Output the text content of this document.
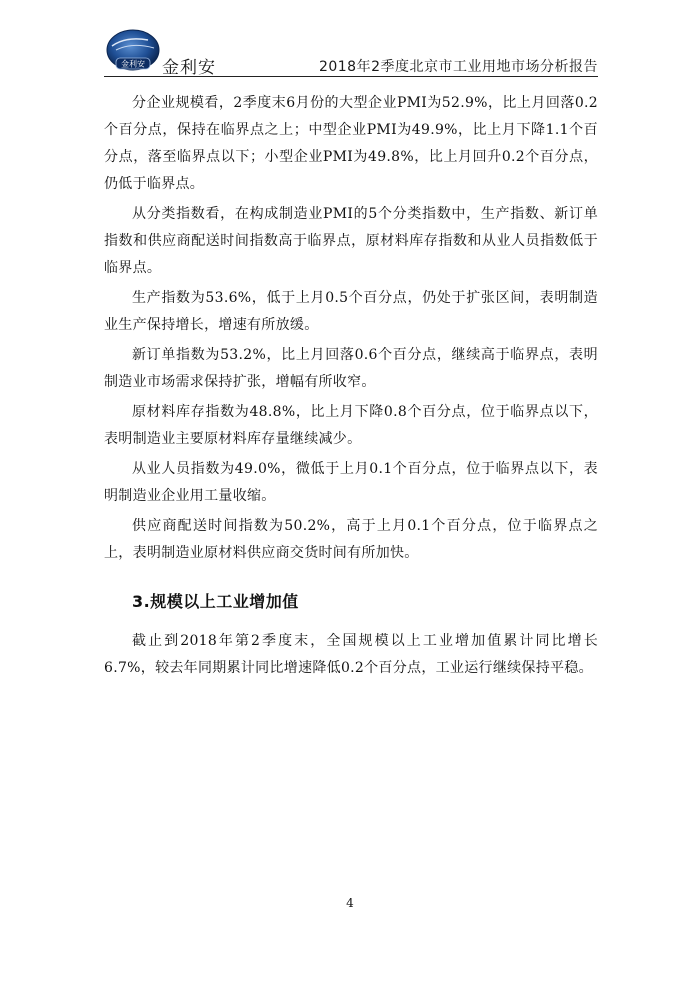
金利安 金利安	2018年2季度北京市工业用地市场分析报告

分企业规模看，2季度末6月份的大型企业PMI为52.9%，比上月回落0.2个百分点，保持在临界点之上；中型企业PMI为49.9%，比上月下降1.1个百分点，落至临界点以下；小型企业PMI为49.8%，比上月回升0.2个百分点，仍低于临界点。

从分类指数看，在构成制造业PMI的5个分类指数中，生产指数、新订单指数和供应商配送时间指数高于临界点，原材料库存指数和从业人员指数低于临界点。

生产指数为53.6%，低于上月0.5个百分点，仍处于扩张区间，表明制造业生产保持增长，增速有所放缓。

新订单指数为53.2%，比上月回落0.6个百分点，继续高于临界点，表明制造业市场需求保持扩张，增幅有所收窄。

原材料库存指数为48.8%，比上月下降0.8个百分点，位于临界点以下，表明制造业主要原材料库存量继续减少。

从业人员指数为49.0%，微低于上月0.1个百分点，位于临界点以下，表明制造业企业用工量收缩。

供应商配送时间指数为50.2%，高于上月0.1个百分点，位于临界点之上，表明制造业原材料供应商交货时间有所加快。

3.规模以上工业增加值

截止到2018年第2季度末，全国规模以上工业增加值累计同比增长6.7%，较去年同期累计同比增速降低0.2个百分点，工业运行继续保持平稳。

4
